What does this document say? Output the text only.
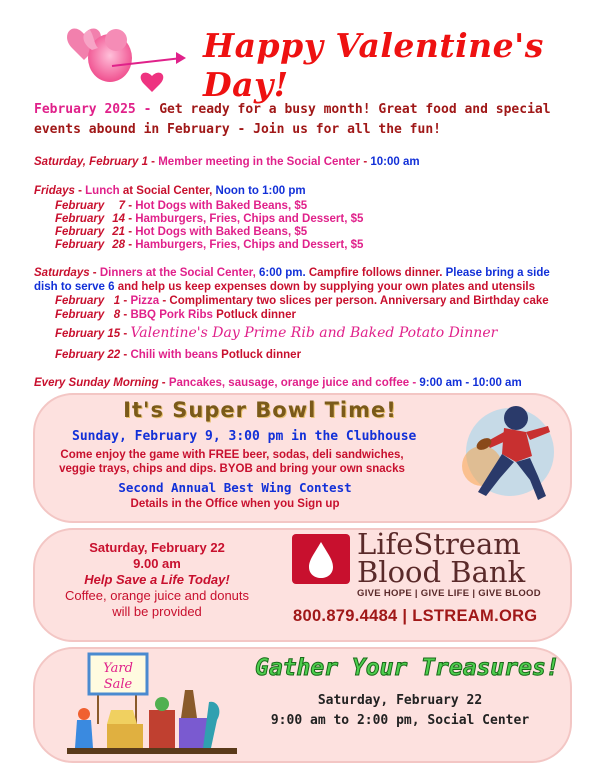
Happy Valentine's Day!
February 2025 - Get ready for a busy month! Great food and special events abound in February - Join us for all the fun!
Saturday, February 1 - Member meeting in the Social Center - 10:00 am
Fridays - Lunch at Social Center, Noon to 1:00 pm
February 7 - Hot Dogs with Baked Beans, $5
February 14 - Hamburgers, Fries, Chips and Dessert, $5
February 21 - Hot Dogs with Baked Beans, $5
February 28 - Hamburgers, Fries, Chips and Dessert, $5
Saturdays - Dinners at the Social Center, 6:00 pm. Campfire follows dinner. Please bring a side
dish to serve 6 and help us keep expenses down by supplying your own plates and utensils
February   1 - Pizza - Complimentary two slices per person. Anniversary and Birthday cake
February   8 - BBQ Pork Ribs Potluck dinner
February 15 - Valentine's Day Prime Rib and Baked Potato Dinner
February 22 - Chili with beans Potluck dinner
Every Sunday Morning - Pancakes, sausage, orange juice and coffee - 9:00 am - 10:00 am
It's Super Bowl Time!
Sunday, February 9, 3:00 pm in the Clubhouse
Come enjoy the game with FREE beer, sodas, deli sandwiches, veggie trays, chips and dips. BYOB and bring your own snacks
Second Annual Best Wing Contest
Details in the Office when you Sign up
Saturday, February 22
9.00 am
Help Save a Life Today!
Coffee, orange juice and donuts
will be provided
LifeStream
Blood Bank
GIVE HOPE | GIVE LIFE | GIVE BLOOD
800.879.4484 | LSTREAM.ORG
Yard
Sale
Gather Your Treasures!
Saturday, February 22
9:00 am to 2:00 pm, Social Center
